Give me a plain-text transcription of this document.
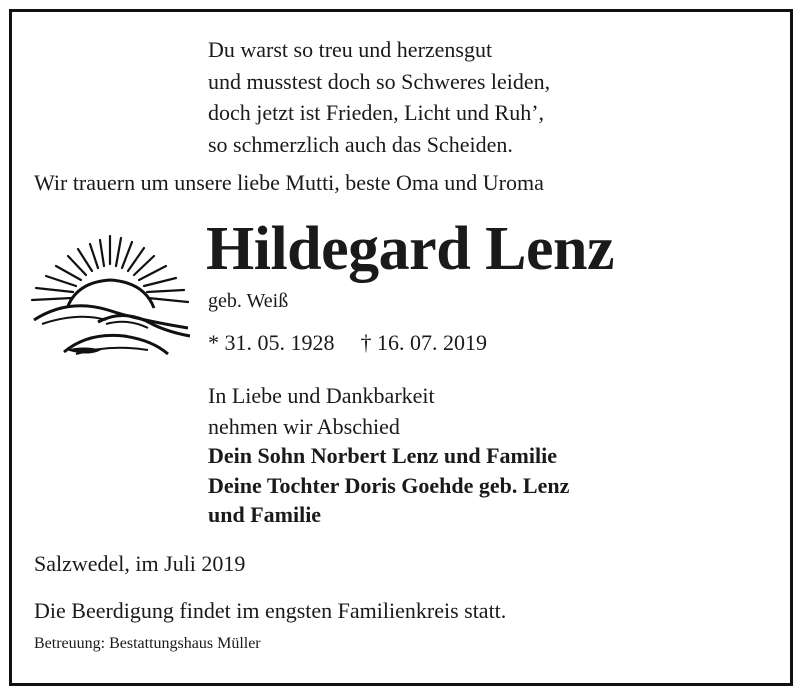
Du warst so treu und herzensgut
und musstest doch so Schweres leiden,
doch jetzt ist Frieden, Licht und Ruh’,
so schmerzlich auch das Scheiden.
Wir trauern um unsere liebe Mutti, beste Oma und Uroma
Hildegard Lenz
geb. Weiß
* 31. 05. 1928 † 16. 07. 2019
In Liebe und Dankbarkeit
nehmen wir Abschied
Dein Sohn Norbert Lenz und Familie
Deine Tochter Doris Goehde geb. Lenz
und Familie
Salzwedel, im Juli 2019
Die Beerdigung findet im engsten Familienkreis statt.
Betreuung: Bestattungshaus Müller
